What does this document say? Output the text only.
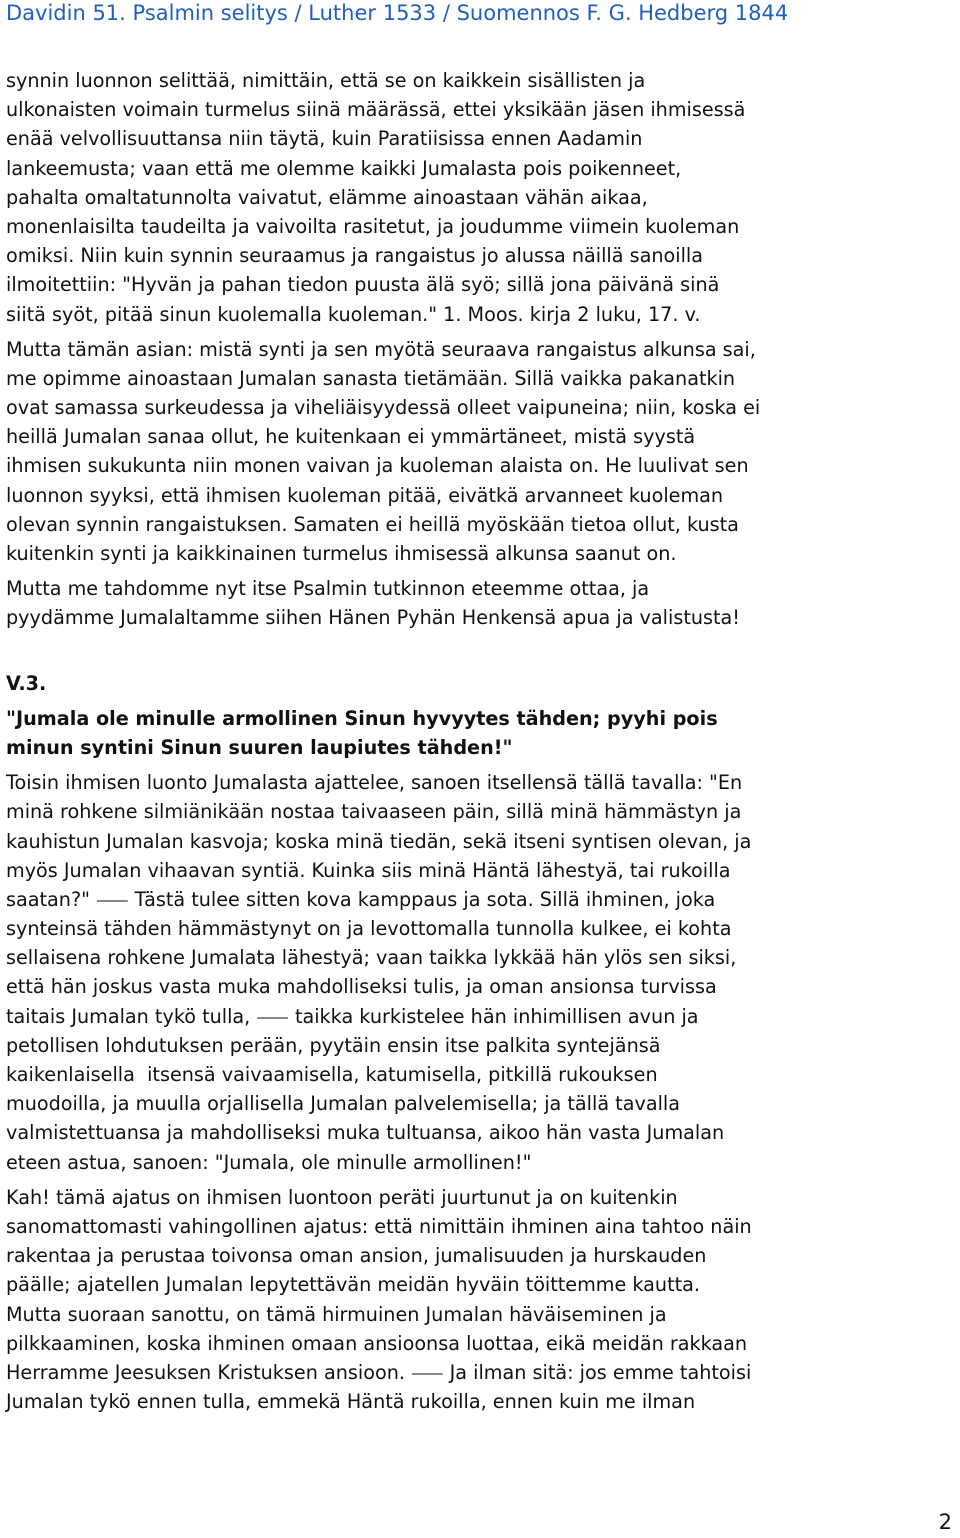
Davidin 51. Psalmin selitys / Luther 1533 / Suomennos F. G. Hedberg 1844
synnin luonnon selittää, nimittäin, että se on kaikkein sisällisten ja
ulkonaisten voimain turmelus siinä määrässä, ettei yksikään jäsen ihmisessä
enää velvollisuuttansa niin täytä, kuin Paratiisissa ennen Aadamin
lankeemusta; vaan että me olemme kaikki Jumalasta pois poikenneet,
pahalta omaltatunnolta vaivatut, elämme ainoastaan vähän aikaa,
monenlaisilta taudeilta ja vaivoilta rasitetut, ja joudumme viimein kuoleman
omiksi. Niin kuin synnin seuraamus ja rangaistus jo alussa näillä sanoilla
ilmoitettiin: "Hyvän ja pahan tiedon puusta älä syö; sillä jona päivänä sinä
siitä syöt, pitää sinun kuolemalla kuoleman." 1. Moos. kirja 2 luku, 17. v.
Mutta tämän asian: mistä synti ja sen myötä seuraava rangaistus alkunsa sai,
me opimme ainoastaan Jumalan sanasta tietämään. Sillä vaikka pakanatkin
ovat samassa surkeudessa ja viheliäisyydessä olleet vaipuneina; niin, koska ei
heillä Jumalan sanaa ollut, he kuitenkaan ei ymmärtäneet, mistä syystä
ihmisen sukukunta niin monen vaivan ja kuoleman alaista on. He luulivat sen
luonnon syyksi, että ihmisen kuoleman pitää, eivätkä arvanneet kuoleman
olevan synnin rangaistuksen. Samaten ei heillä myöskään tietoa ollut, kusta
kuitenkin synti ja kaikkinainen turmelus ihmisessä alkunsa saanut on.
Mutta me tahdomme nyt itse Psalmin tutkinnon eteemme ottaa, ja
pyydämme Jumalaltamme siihen Hänen Pyhän Henkensä apua ja valistusta!
V.3.
"Jumala ole minulle armollinen Sinun hyvyytes tähden; pyyhi pois
minun syntini Sinun suuren laupiutes tähden!"
Toisin ihmisen luonto Jumalasta ajattelee, sanoen itsellensä tällä tavalla: "En
minä rohkene silmiänikään nostaa taivaaseen päin, sillä minä hämmästyn ja
kauhistun Jumalan kasvoja; koska minä tiedän, sekä itseni syntisen olevan, ja
myös Jumalan vihaavan syntiä. Kuinka siis minä Häntä lähestyä, tai rukoilla
saatan?" ⸺ Tästä tulee sitten kova kamppaus ja sota. Sillä ihminen, joka
synteinsä tähden hämmästynyt on ja levottomalla tunnolla kulkee, ei kohta
sellaisena rohkene Jumalata lähestyä; vaan taikka lykkää hän ylös sen siksi,
että hän joskus vasta muka mahdolliseksi tulis, ja oman ansionsa turvissa
taitais Jumalan tykö tulla, ⸺ taikka kurkistelee hän inhimillisen avun ja
petollisen lohdutuksen perään, pyytäin ensin itse palkita syntejänsä
kaikenlaisella  itsensä vaivaamisella, katumisella, pitkillä rukouksen
muodoilla, ja muulla orjallisella Jumalan palvelemisella; ja tällä tavalla
valmistettuansa ja mahdolliseksi muka tultuansa, aikoo hän vasta Jumalan
eteen astua, sanoen: "Jumala, ole minulle armollinen!"
Kah! tämä ajatus on ihmisen luontoon peräti juurtunut ja on kuitenkin
sanomattomasti vahingollinen ajatus: että nimittäin ihminen aina tahtoo näin
rakentaa ja perustaa toivonsa oman ansion, jumalisuuden ja hurskauden
päälle; ajatellen Jumalan lepytettävän meidän hyväin töittemme kautta.
Mutta suoraan sanottu, on tämä hirmuinen Jumalan häväiseminen ja
pilkkaaminen, koska ihminen omaan ansioonsa luottaa, eikä meidän rakkaan
Herramme Jeesuksen Kristuksen ansioon. ⸺ Ja ilman sitä: jos emme tahtoisi
Jumalan tykö ennen tulla, emmekä Häntä rukoilla, ennen kuin me ilman
2
